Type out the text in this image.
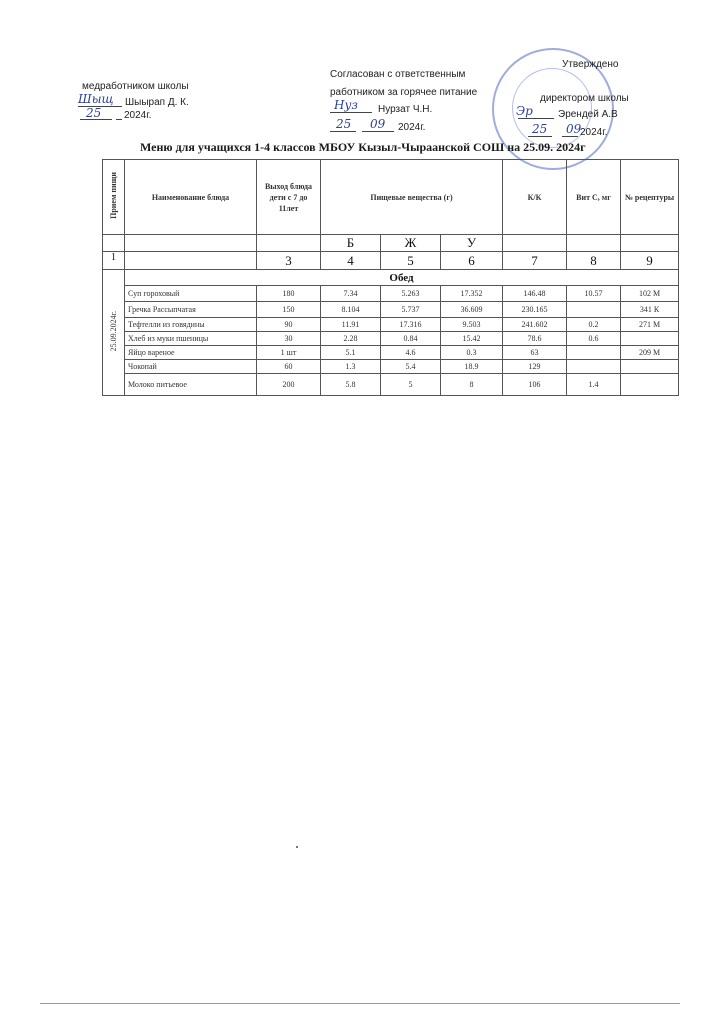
медработником школы
Шыщ Шыырап Д. К.
25 2024г.
Согласован с ответственным
работником за горячее питание
Нуз Нурзат Ч.Н.
25 09 2024г.
Утверждено
директором школы
Эр	Эрендей А.В
25 09
2024г.
Меню для учащихся 1-4 классов МБОУ Кызыл-Чыраанской СОШ на 25.09. 2024г
Прием пищи	Наименование блюда	Выход блюда дети с 7 до 11лет	Пищевые вещества (г)			К/К	Вит С, мг	№ рецептуры
			Б	Ж	У			
1		3	4	5	6	7	8	9
25.09.2024г.	Обед							
	Суп гороховый	180	7.34	5.263	17.352	146.48	10.57	102 М
	Гречка Рассыпчатая	150	8.104	5.737	36.609	230.165		341 К
	Тефтелли из говядины	90	11.91	17.316	9.503	241.602	0.2	271 М
	Хлеб из муки пшеницы	30	2.28	0.84	15.42	78.6	0.6	
	Яйцо вареное	1 шт	5.1	4.6	0.3	63		209 М
	Чокопай	60	1.3	5.4	18.9	129		
	Молоко питьевое	200	5.8	5	8	106	1.4	
